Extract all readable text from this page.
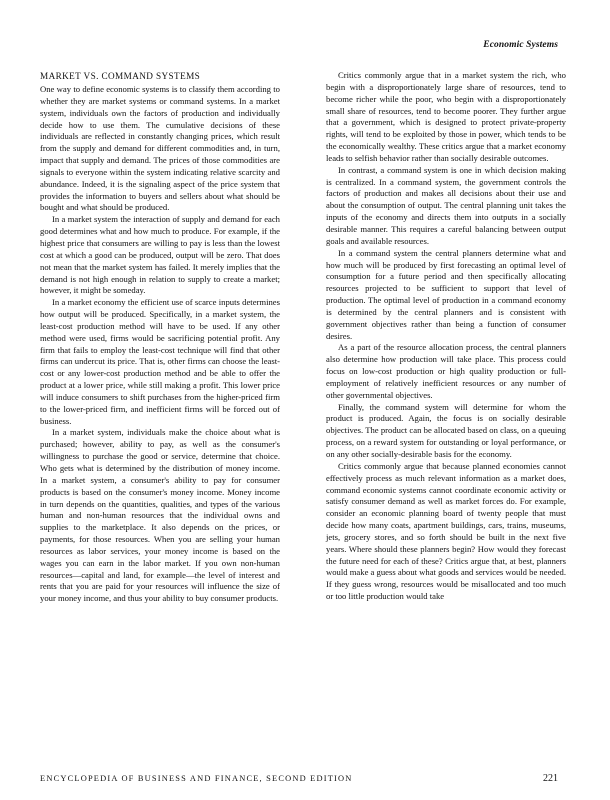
Economic Systems
MARKET VS. COMMAND SYSTEMS

One way to define economic systems is to classify them according to whether they are market systems or command systems. In a market system, individuals own the factors of production and individually decide how to use them. The cumulative decisions of these individuals are reflected in constantly changing prices, which result from the supply and demand for different commodities and, in turn, impact that supply and demand. The prices of those commodities are signals to everyone within the system indicating relative scarcity and abundance. Indeed, it is the signaling aspect of the price system that provides the information to buyers and sellers about what should be bought and what should be produced.

In a market system the interaction of supply and demand for each good determines what and how much to produce. For example, if the highest price that consumers are willing to pay is less than the lowest cost at which a good can be produced, output will be zero. That does not mean that the market system has failed. It merely implies that the demand is not high enough in relation to supply to create a market; however, it might be someday.

In a market economy the efficient use of scarce inputs determines how output will be produced. Specifically, in a market system, the least-cost production method will have to be used. If any other method were used, firms would be sacrificing potential profit. Any firm that fails to employ the least-cost technique will find that other firms can undercut its price. That is, other firms can choose the least-cost or any lower-cost production method and be able to offer the product at a lower price, while still making a profit. This lower price will induce consumers to shift purchases from the higher-priced firm to the lower-priced firm, and inefficient firms will be forced out of business.

In a market system, individuals make the choice about what is purchased; however, ability to pay, as well as the consumer's willingness to purchase the good or service, determine that choice. Who gets what is determined by the distribution of money income. In a market system, a consumer's ability to pay for consumer products is based on the consumer's money income. Money income in turn depends on the quantities, qualities, and types of the various human and non-human resources that the individual owns and supplies to the marketplace. It also depends on the prices, or payments, for those resources. When you are selling your human resources as labor services, your money income is based on the wages you can earn in the labor market. If you own non-human resources—capital and land, for example—the level of interest and rents that you are paid for your resources will influence the size of your money income, and thus your ability to buy consumer products.

Critics commonly argue that in a market system the rich, who begin with a disproportionately large share of resources, tend to become richer while the poor, who begin with a disproportionately small share of resources, tend to become poorer. They further argue that a government, which is designed to protect private-property rights, will tend to be exploited by those in power, which tends to be the economically wealthy. These critics argue that a market economy leads to selfish behavior rather than socially desirable outcomes.

In contrast, a command system is one in which decision making is centralized. In a command system, the government controls the factors of production and makes all decisions about their use and about the consumption of output. The central planning unit takes the inputs of the economy and directs them into outputs in a socially desirable manner. This requires a careful balancing between output goals and available resources.

In a command system the central planners determine what and how much will be produced by first forecasting an optimal level of consumption for a future period and then specifically allocating resources projected to be sufficient to support that level of production. The optimal level of production in a command economy is determined by the central planners and is consistent with government objectives rather than being a function of consumer desires.

As a part of the resource allocation process, the central planners also determine how production will take place. This process could focus on low-cost production or high quality production or full-employment of relatively inefficient resources or any number of other governmental objectives.

Finally, the command system will determine for whom the product is produced. Again, the focus is on socially desirable objectives. The product can be allocated based on class, on a queuing process, on a reward system for outstanding or loyal performance, or on any other socially-desirable basis for the economy.

Critics commonly argue that because planned economies cannot effectively process as much relevant information as a market does, command economic systems cannot coordinate economic activity or satisfy consumer demand as well as market forces do. For example, consider an economic planning board of twenty people that must decide how many coats, apartment buildings, cars, trains, museums, jets, grocery stores, and so forth should be built in the next five years. Where should these planners begin? How would they forecast the future need for each of these? Critics argue that, at best, planners would make a guess about what goods and services would be needed. If they guess wrong, resources would be misallocated and too much or too little production would take

ENCYCLOPEDIA OF BUSINESS AND FINANCE, SECOND EDITION	221
